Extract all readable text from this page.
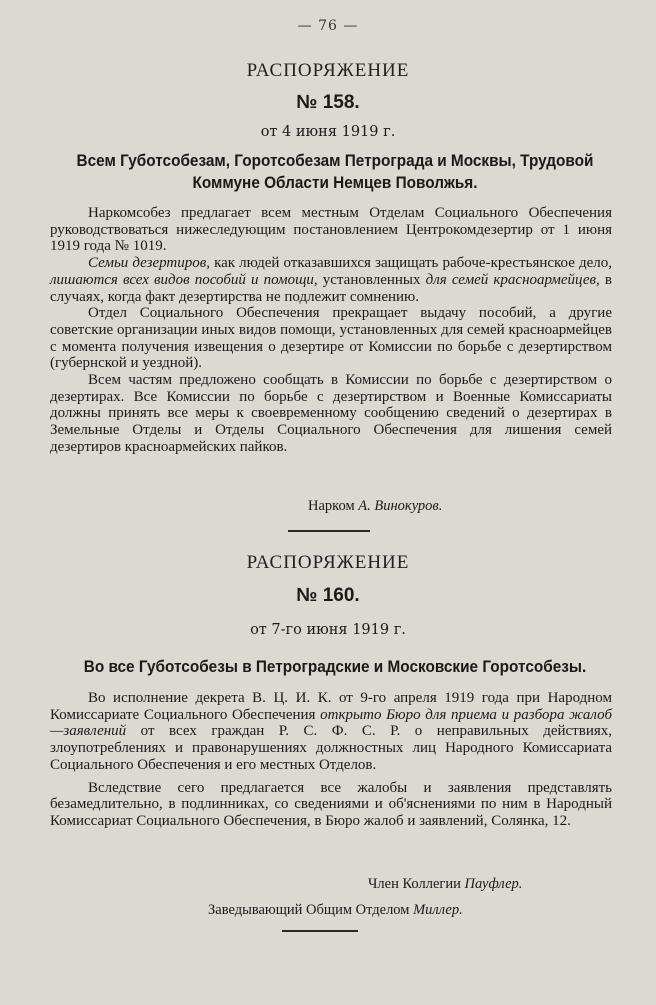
— 76 —
РАСПОРЯЖЕНИЕ
№ 158.
от 4 июня 1919 г.
Всем Губотсобезам, Горотсобезам Петрограда и Москвы, Трудовой Коммуне Области Немцев Поволжья.

Наркомсобез предлагает всем местным Отделам Социального Обеспечения руководствоваться нижеследующим постановлением Центрокомдезертир от 1 июня 1919 года № 1019.

Семьи дезертиров, как людей отказавшихся защищать рабоче-крестьянское дело, лишаются всех видов пособий и помощи, установленных для семей красноармейцев, в случаях, когда факт дезертирства не подлежит сомнению.

Отдел Социального Обеспечения прекращает выдачу пособий, а другие советские организации иных видов помощи, установленных для семей красноармейцев с момента получения извещения о дезертире от Комиссии по борьбе с дезертирством (губернской и уездной).

Всем частям предложено сообщать в Комиссии по борьбе с дезертирством о дезертирах. Все Комиссии по борьбе с дезертирством и Военные Комиссариаты должны принять все меры к своевременному сообщению сведений о дезертирах в Земельные Отделы и Отделы Социального Обеспечения для лишения семей дезертиров красноармейских пайков.

Нарком А. Винокуров.
РАСПОРЯЖЕНИЕ
№ 160.
от 7-го июня 1919 г.
Во все Губотсобезы в Петроградские и Московские Горотсобезы.

Во исполнение декрета В. Ц. И. К. от 9-го апреля 1919 года при Народном Комиссариате Социального Обеспечения открыто Бюро для приема и разбора жалоб—заявлений от всех граждан Р. С. Ф. С. Р. о неправильных действиях, злоупотреблениях и правонарушениях должностных лиц Народного Комиссариата Социального Обеспечения и его местных Отделов.

Вследствие сего предлагается все жалобы и заявления представлять безамедлительно, в подлинниках, со сведениями и об'яснениями по ним в Народный Комиссариат Социального Обеспечения, в Бюро жалоб и заявлений, Солянка, 12.

Член Коллегии Пауфлер.
Заведывающий Общим Отделом Миллер.
